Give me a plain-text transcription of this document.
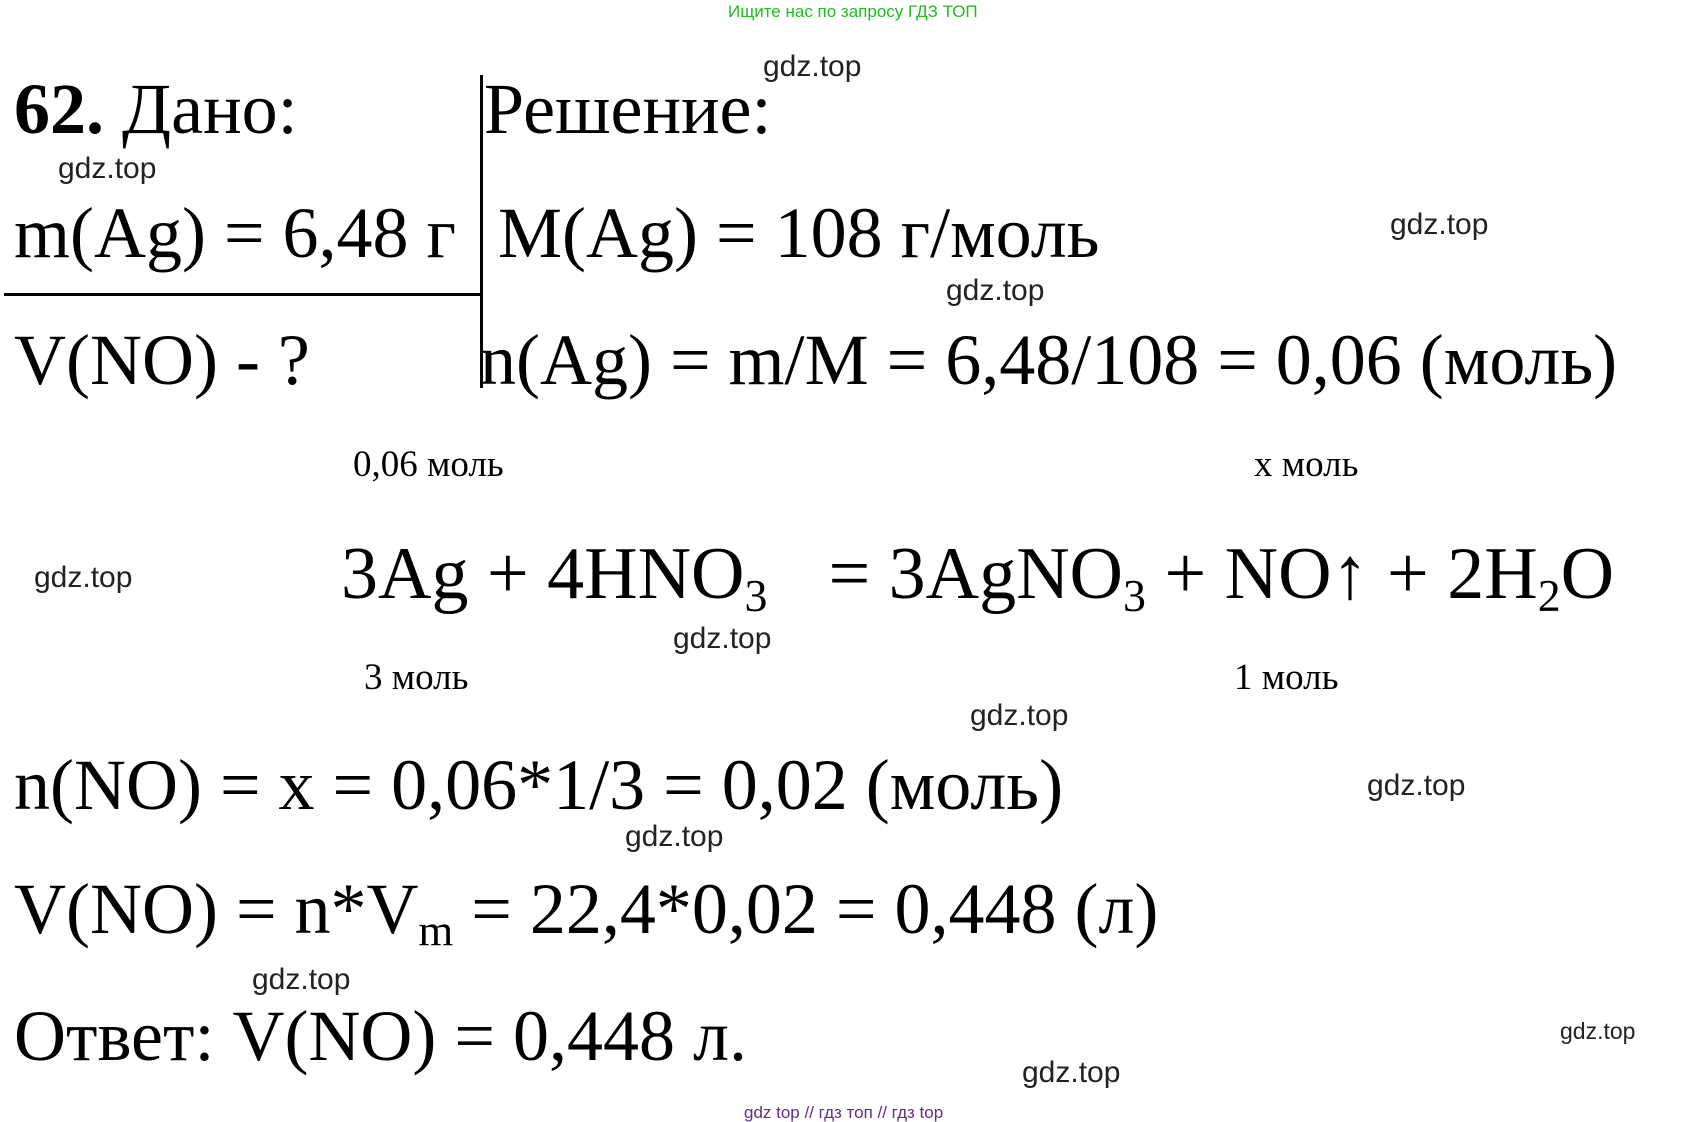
Ищите нас по запросу ГДЗ ТОП
62. Дано:	Решение:
m(Ag) = 6,48 г M(Ag) = 108 г/моль
V(NO) - ? n(Ag) = m/M = 6,48/108 = 0,06 (моль)
0,06 моль	x моль
$3Ag + 4HNO_3$ = 3AgNO$_3$ + NO↑ + $2H_2O$
3 моль	1 моль
n(NO) = x = 0,06*1/3 = 0,02 (моль)
$V(NO) = n*V_m = 22,4*0,02 = 0,448$ (л)
Ответ: V(NO) = 0,448 л.
gdz.top
gdz.top
gdz.top
gdz.top
gdz.top
gdz.top
gdz.top
gdz.top
gdz.top
gdz.top
gdz.top
gdz.top
gdz top // гдз топ // гдз top
